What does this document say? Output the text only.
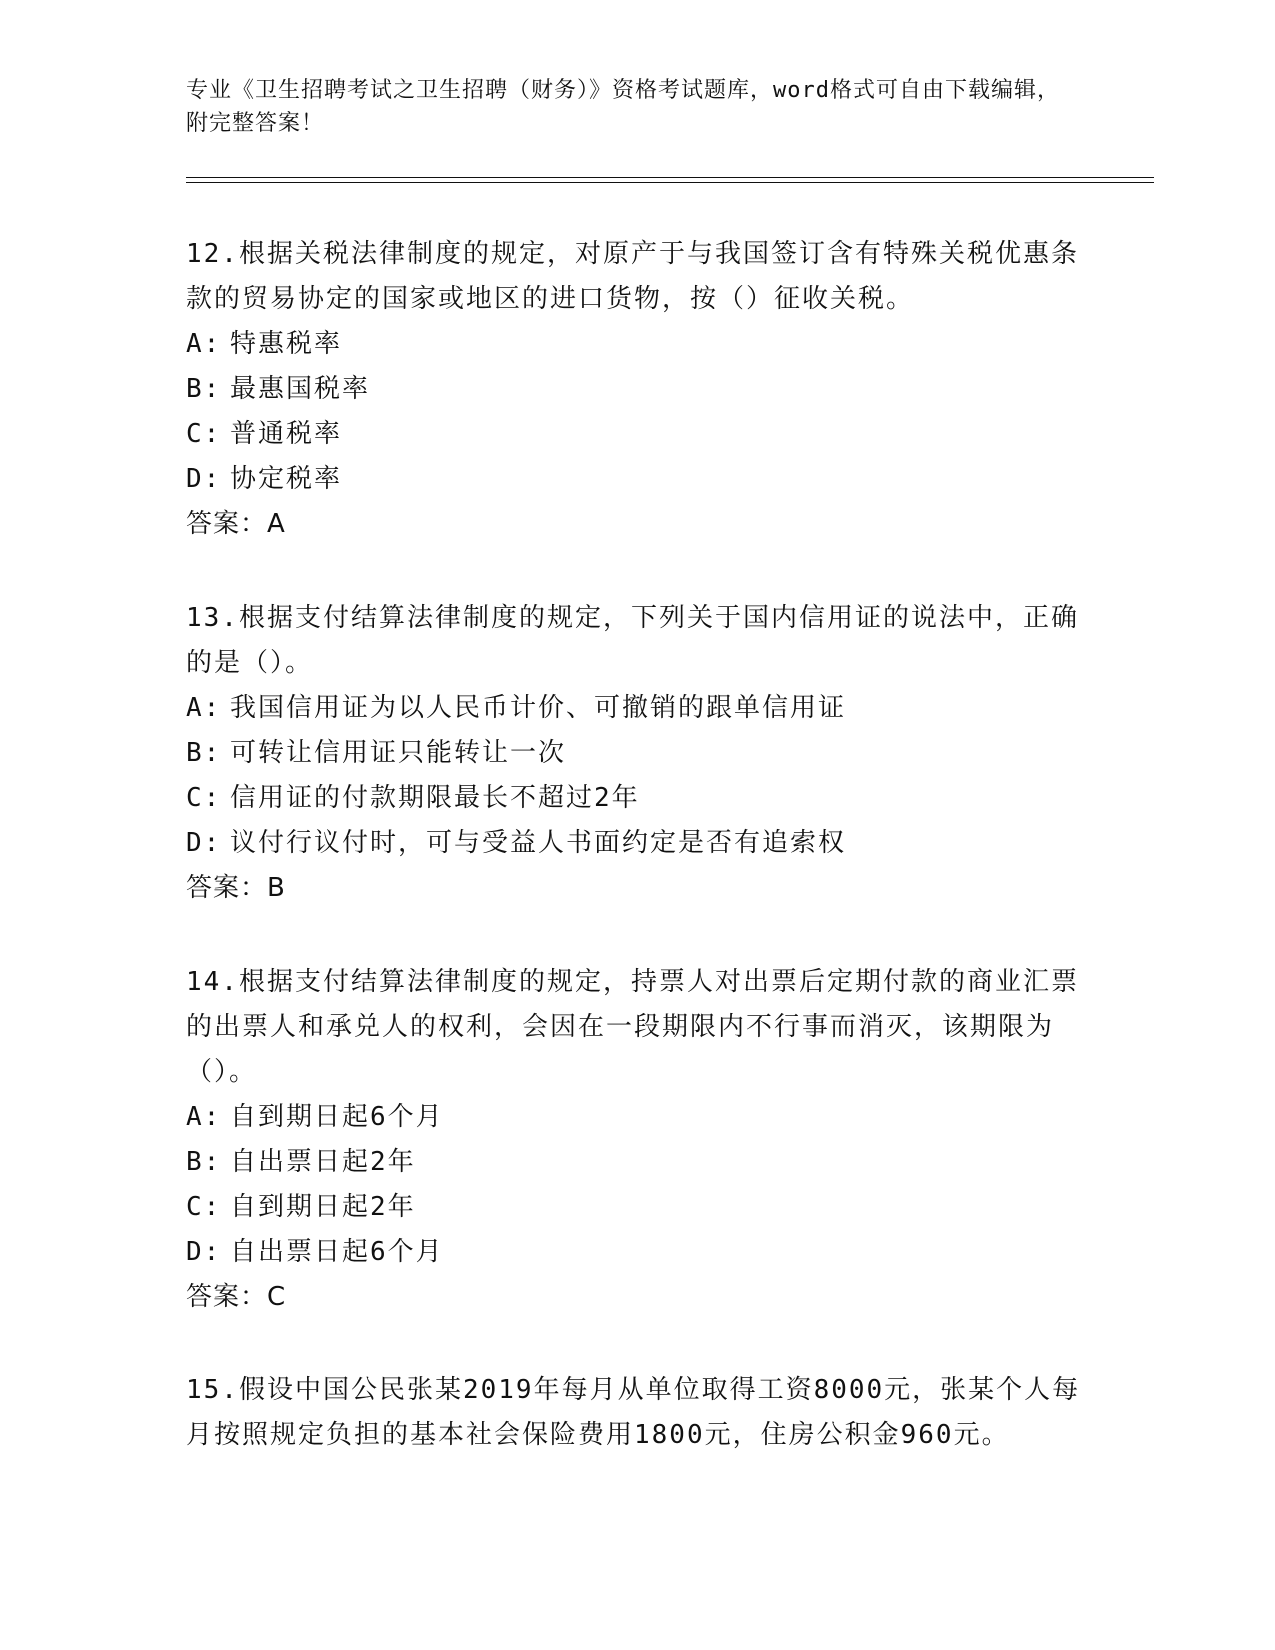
专业《卫生招聘考试之卫生招聘（财务）》资格考试题库，word格式可自由下载编辑，附完整答案！
12.根据关税法律制度的规定，对原产于与我国签订含有特殊关税优惠条款的贸易协定的国家或地区的进口货物，按（）征收关税。
A: 特惠税率
B: 最惠国税率
C: 普通税率
D: 协定税率
答案：A
13.根据支付结算法律制度的规定，下列关于国内信用证的说法中，正确的是（）。
A: 我国信用证为以人民币计价、可撤销的跟单信用证
B: 可转让信用证只能转让一次
C: 信用证的付款期限最长不超过2年
D: 议付行议付时，可与受益人书面约定是否有追索权
答案：B
14.根据支付结算法律制度的规定，持票人对出票后定期付款的商业汇票的出票人和承兑人的权利，会因在一段期限内不行事而消灭，该期限为（）。
A: 自到期日起6个月
B: 自出票日起2年
C: 自到期日起2年
D: 自出票日起6个月
答案：C
15.假设中国公民张某2019年每月从单位取得工资8000元，张某个人每月按照规定负担的基本社会保险费用1800元，住房公积金960元。
